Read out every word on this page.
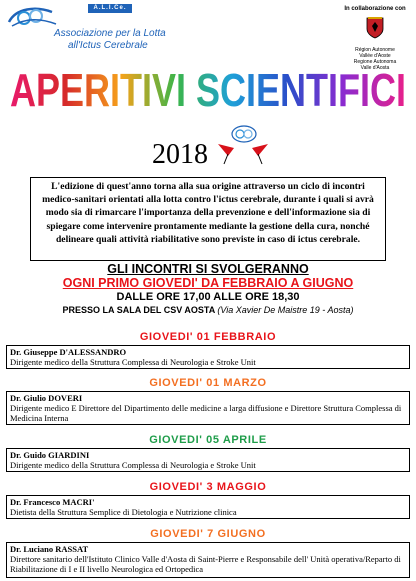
A.L.I.Ce. Italia
Associazione per la Lotta
all'Ictus Cerebrale
In collaborazione con
Région Autonome
Vallée d'Aoste
Regione Autonoma
Valle d'Aosta
APERITIVI SCIENTIFICI
2018
L'edizione di quest'anno torna alla sua origine attraverso un ciclo di incontri medico-sanitari orientati alla lotta contro l'ictus cerebrale, durante i quali si avrà modo sia di rimarcare l'importanza della prevenzione e dell'informazione sia di spiegare come intervenire prontamente mediante la gestione della cura, nonché delineare quali attività riabilitative sono previste in caso di ictus cerebrale.
GLI INCONTRI SI SVOLGERANNO
OGNI PRIMO GIOVEDI' DA FEBBRAIO A GIUGNO
DALLE ORE 17,00 ALLE ORE 18,30
PRESSO LA SALA DEL CSV AOSTA (Via Xavier De Maistre 19 - Aosta)
GIOVEDI' 01 FEBBRAIO
Dr. Giuseppe D'ALESSANDRO
Dirigente medico della Struttura Complessa di Neurologia e Stroke Unit
GIOVEDI' 01 MARZO
Dr. Giulio DOVERI
Dirigente medico E Direttore del Dipartimento delle medicine a larga diffusione e Direttore Struttura Complessa di Medicina Interna
GIOVEDI' 05 APRILE
Dr. Guido GIARDINI
Dirigente medico della Struttura Complessa di Neurologia e Stroke Unit
GIOVEDI' 3 MAGGIO
Dr. Francesco MACRI'
Dietista della Struttura Semplice di Dietologia e Nutrizione clinica
GIOVEDI' 7 GIUGNO
Dr. Luciano RASSAT
Direttore sanitario dell'Istituto Clinico Valle d'Aosta di Saint-Pierre e Responsabile dell' Unità operativa/Reparto di Riabilitazione di I e II livello Neurologica ed Ortopedica
